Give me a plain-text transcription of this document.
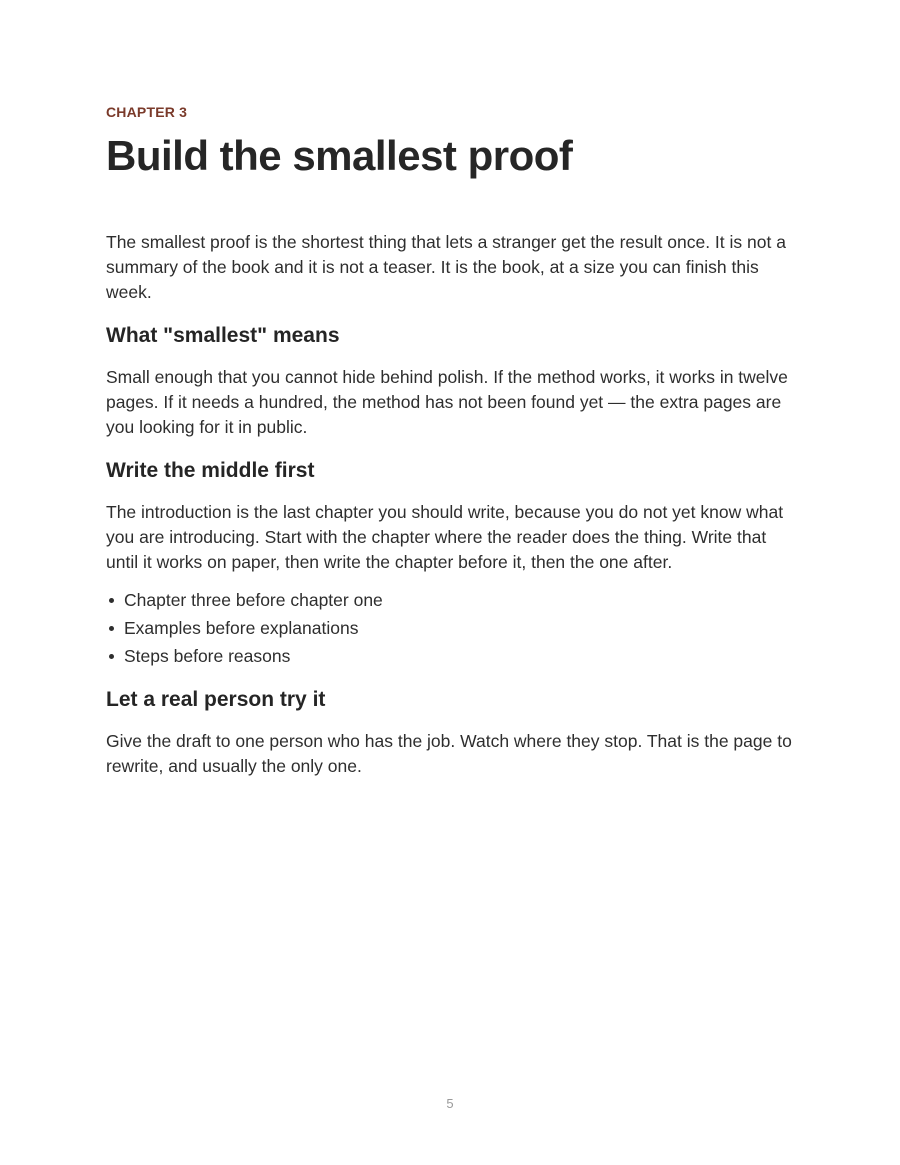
CHAPTER 3
Build the smallest proof

The smallest proof is the shortest thing that lets a stranger get the result once. It is not a summary of the book and it is not a teaser. It is the book, at a size you can finish this week.

What "smallest" means

Small enough that you cannot hide behind polish. If the method works, it works in twelve pages. If it needs a hundred, the method has not been found yet — the extra pages are you looking for it in public.

Write the middle first

The introduction is the last chapter you should write, because you do not yet know what you are introducing. Start with the chapter where the reader does the thing. Write that until it works on paper, then write the chapter before it, then the one after.

Chapter three before chapter one
Examples before explanations
Steps before reasons
Let a real person try it

Give the draft to one person who has the job. Watch where they stop. That is the page to rewrite, and usually the only one.

5
